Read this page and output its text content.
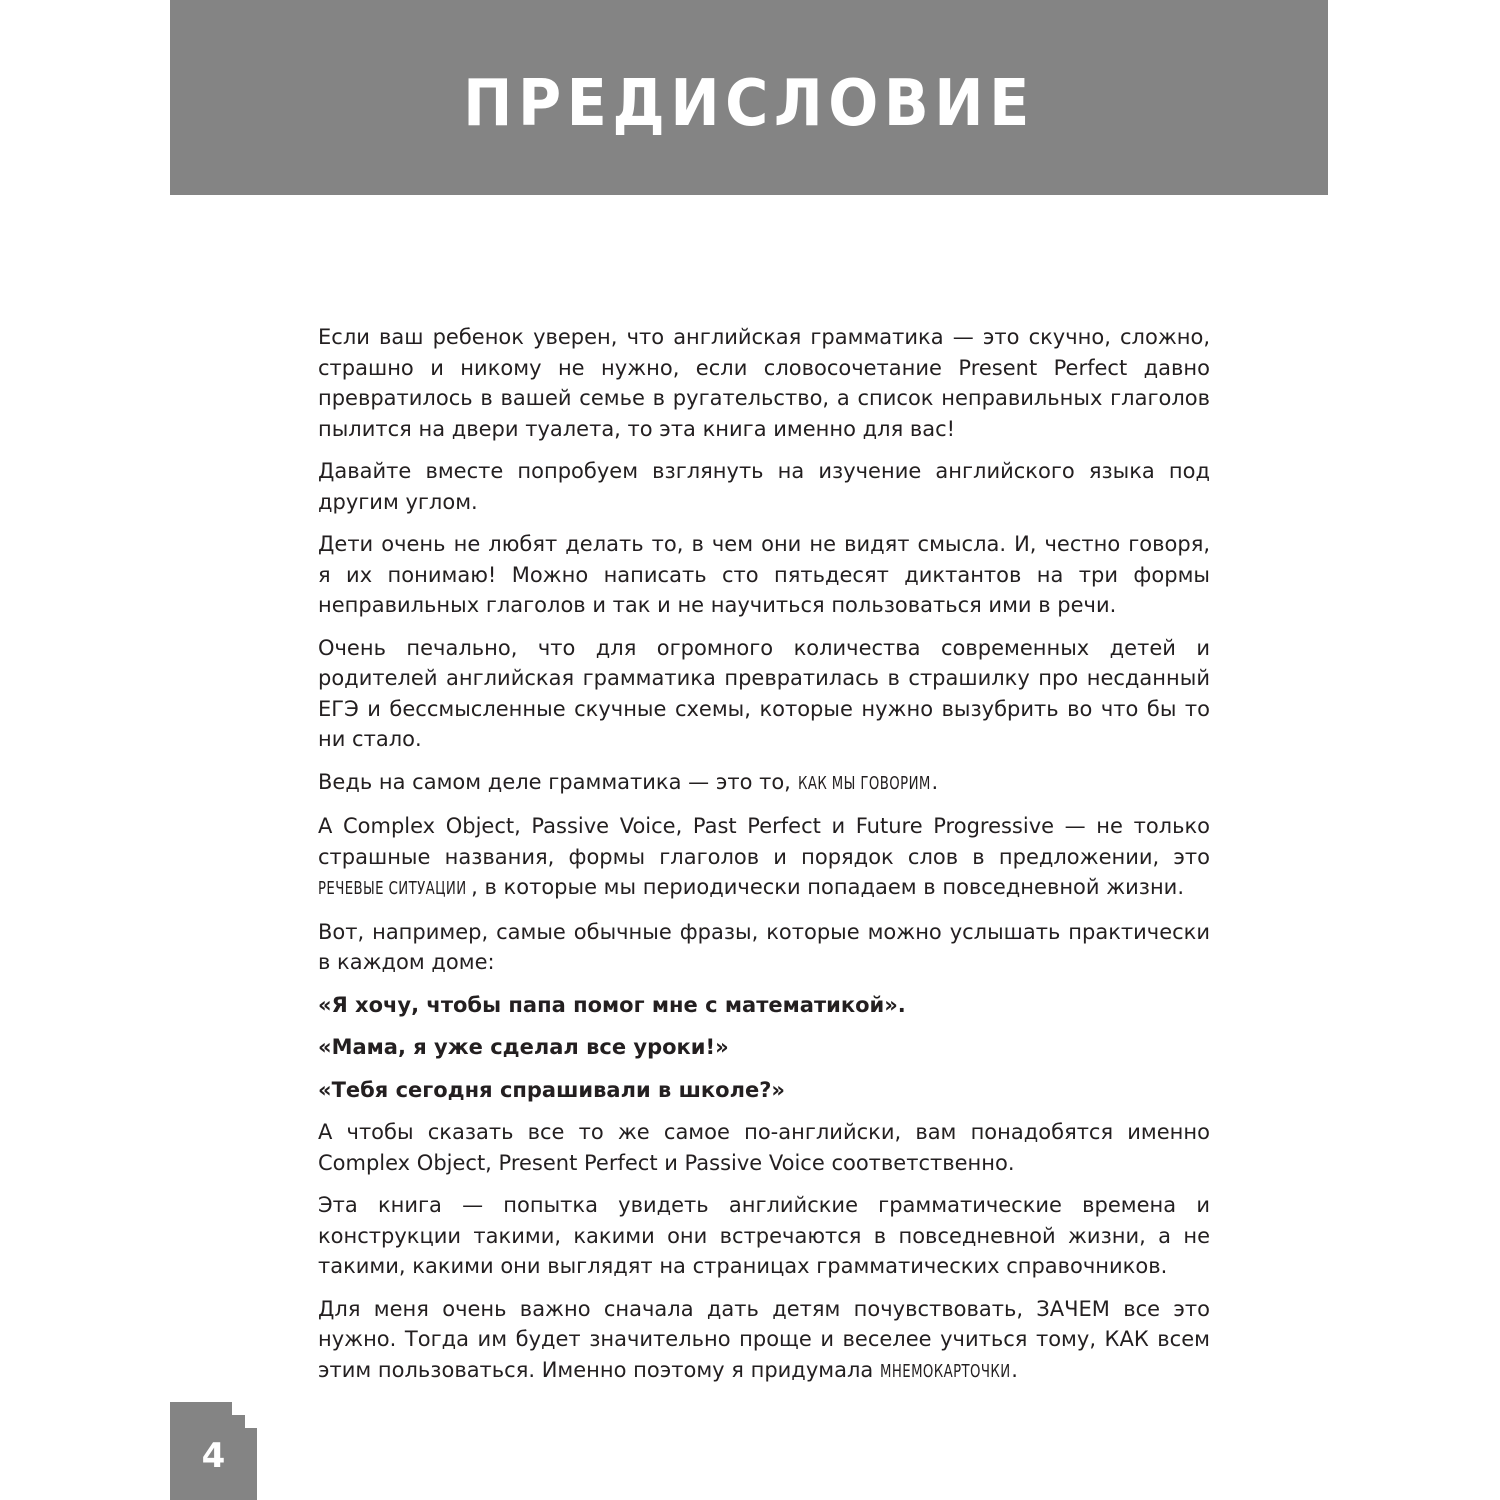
ПРЕДИСЛОВИЕ

Если ваш ребенок уверен, что английская грамматика — это скучно, сложно, страшно и никому не нужно, если словосочетание Present Perfect давно превратилось в вашей семье в ругательство, а список неправильных глаголов пылится на двери туалета, то эта книга именно для вас!

Давайте вместе попробуем взглянуть на изучение английского языка под другим углом.

Дети очень не любят делать то, в чем они не видят смысла. И, честно говоря, я их понимаю! Можно написать сто пятьдесят диктантов на три формы неправильных глаголов и так и не научиться пользоваться ими в речи.

Очень печально, что для огромного количества современных детей и родителей английская грамматика превратилась в страшилку про несданный ЕГЭ и бессмысленные скучные схемы, которые нужно вызубрить во что бы то ни стало.

Ведь на самом деле грамматика — это то, КАК МЫ ГОВОРИМ.

A Complex Object, Passive Voice, Past Perfect и Future Progressive — не только страшные названия, формы глаголов и порядок слов в предложении, это РЕЧЕВЫЕ СИТУАЦИИ , в которые мы периодически попадаем в повседневной жизни.

Вот, например, самые обычные фразы, которые можно услышать практически в каждом доме:

«Я хочу, чтобы папа помог мне с математикой».

«Мама, я уже сделал все уроки!»

«Тебя сегодня спрашивали в школе?»

А чтобы сказать все то же самое по-английски, вам понадобятся именно Complex Object, Present Perfect и Passive Voice соответственно.

Эта книга — попытка увидеть английские грамматические времена и конструкции такими, какими они встречаются в повседневной жизни, а не такими, какими они выглядят на страницах грамматических справочников.

Для меня очень важно сначала дать детям почувствовать, ЗАЧЕМ все это нужно. Тогда им будет значительно проще и веселее учиться тому, КАК всем этим пользоваться. Именно поэтому я придумала МНЕМОКАРТОЧКИ.

4
